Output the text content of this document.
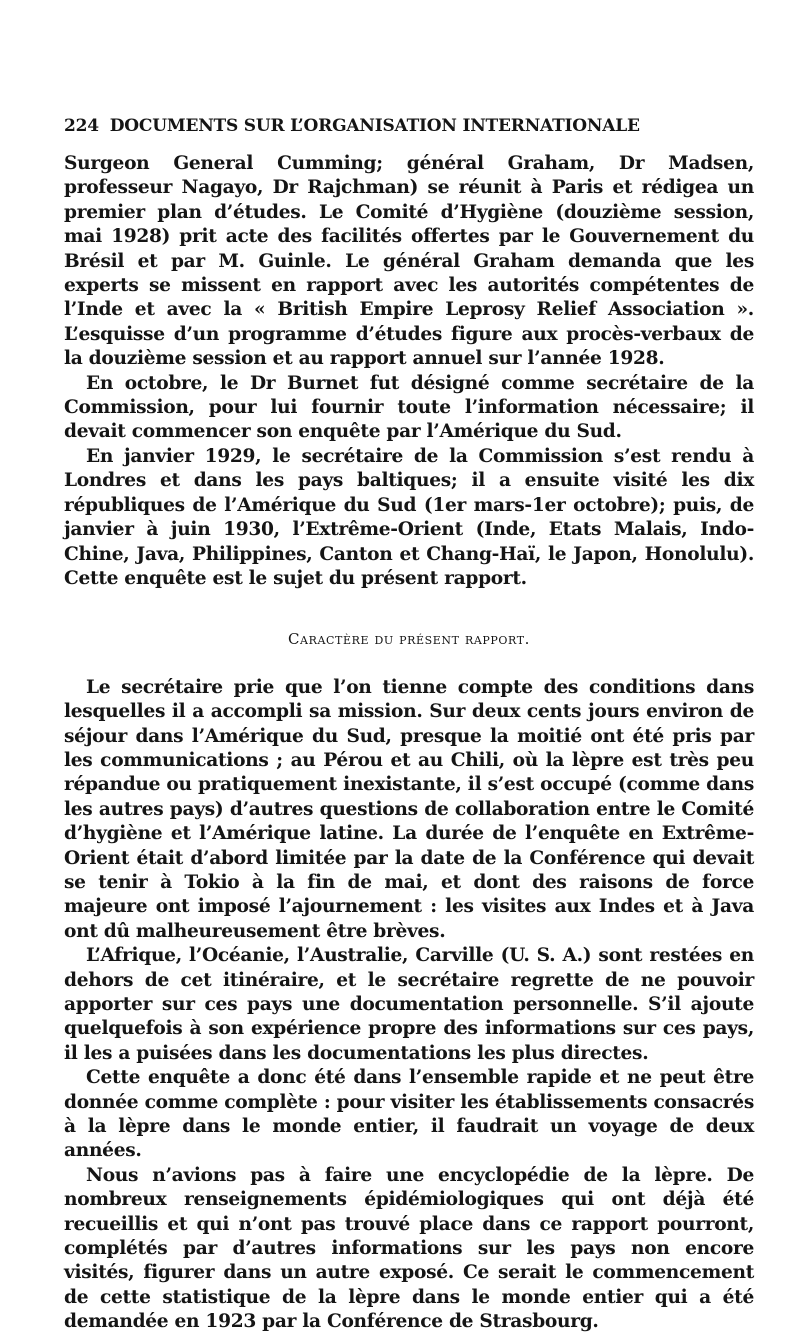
224 DOCUMENTS SUR L’ORGANISATION INTERNATIONALE

Surgeon General Cumming; général Graham, Dr Madsen, professeur Nagayo, Dr Rajchman) se réunit à Paris et rédigea un premier plan d’études. Le Comité d’Hygiène (douzième session, mai 1928) prit acte des facilités offertes par le Gouvernement du Brésil et par M. Guinle. Le général Graham demanda que les experts se missent en rapport avec les autorités compétentes de l’Inde et avec la « British Empire Leprosy Relief Association ». L’esquisse d’un programme d’études figure aux procès-verbaux de la douzième session et au rapport annuel sur l’année 1928.

En octobre, le Dr Burnet fut désigné comme secrétaire de la Commission, pour lui fournir toute l’information nécessaire; il devait commencer son enquête par l’Amérique du Sud.

En janvier 1929, le secrétaire de la Commission s’est rendu à Londres et dans les pays baltiques; il a ensuite visité les dix républiques de l’Amérique du Sud (1er mars-1er octobre); puis, de janvier à juin 1930, l’Extrême-Orient (Inde, Etats Malais, Indo-Chine, Java, Philippines, Canton et Chang-Haï, le Japon, Honolulu). Cette enquête est le sujet du présent rapport.

Caractère du présent rapport.

Le secrétaire prie que l’on tienne compte des conditions dans lesquelles il a accompli sa mission. Sur deux cents jours environ de séjour dans l’Amérique du Sud, presque la moitié ont été pris par les communications ; au Pérou et au Chili, où la lèpre est très peu répandue ou pratiquement inexistante, il s’est occupé (comme dans les autres pays) d’autres questions de collaboration entre le Comité d’hygiène et l’Amérique latine. La durée de l’enquête en Extrême-Orient était d’abord limitée par la date de la Conférence qui devait se tenir à Tokio à la fin de mai, et dont des raisons de force majeure ont imposé l’ajournement : les visites aux Indes et à Java ont dû malheureusement être brèves.

L’Afrique, l’Océanie, l’Australie, Carville (U. S. A.) sont restées en dehors de cet itinéraire, et le secrétaire regrette de ne pouvoir apporter sur ces pays une documentation personnelle. S’il ajoute quelquefois à son expérience propre des informations sur ces pays, il les a puisées dans les documentations les plus directes.

Cette enquête a donc été dans l’ensemble rapide et ne peut être donnée comme complète : pour visiter les établissements consacrés à la lèpre dans le monde entier, il faudrait un voyage de deux années.

Nous n’avions pas à faire une encyclopédie de la lèpre. De nombreux renseignements épidémiologiques qui ont déjà été recueillis et qui n’ont pas trouvé place dans ce rapport pourront, complétés par d’autres informations sur les pays non encore visités, figurer dans un autre exposé. Ce serait le commencement de cette statistique de la lèpre dans le monde entier qui a été demandée en 1923 par la Conférence de Strasbourg.
